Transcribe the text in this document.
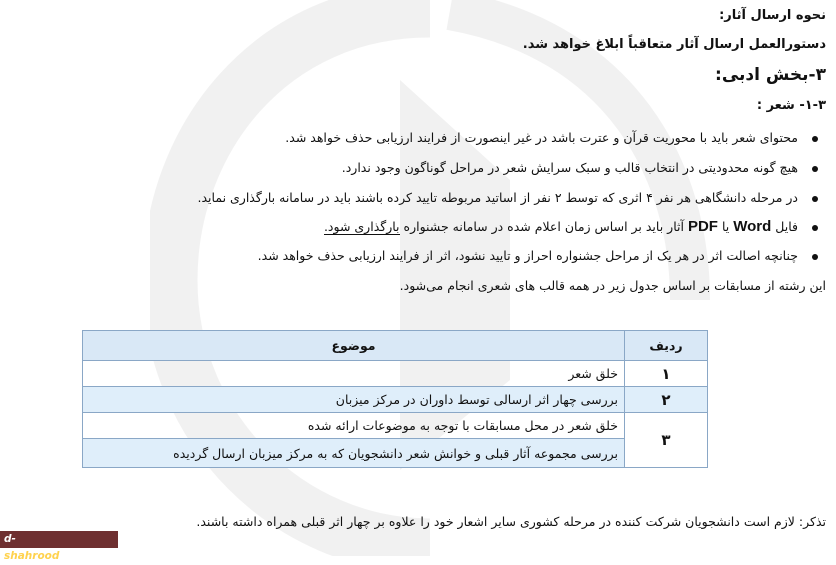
نحوه ارسال آثار:
دستورالعمل ارسال آثار متعاقباً ابلاغ خواهد شد.
۳-بخش ادبی:
۱-۳- شعر :
محتوای شعر باید با محوریت قرآن و عترت باشد در غیر اینصورت از فرایند ارزیابی حذف خواهد شد.
هیچ گونه محدودیتی در انتخاب قالب و سبک سرایش شعر در مراحل گوناگون وجود ندارد.
در مرحله دانشگاهی هر نفر ۴ اثری که توسط ۲ نفر از اساتید مربوطه تایید کرده باشند باید در سامانه بارگذاری نماید.
فایل Word یا PDF آثار باید بر اساس زمان اعلام شده در سامانه جشنواره بارگذاری شود.
چنانچه اصالت اثر در هر یک از مراحل جشنواره احراز و تایید نشود، اثر از فرایند ارزیابی حذف خواهد شد.
این رشته از مسابقات بر اساس جدول زیر در همه قالب های شعری انجام می‌شود.
ردیف	موضوع
۱	خلق شعر
۲	بررسی چهار اثر ارسالی توسط داوران در مرکز میزبان
۳	خلق شعر در محل مسابقات با توجه به موضوعات ارائه شده
	بررسی مجموعه آثار قبلی و خوانش شعر دانشجویان که به مرکز میزبان ارسال گردیده
تذکر: لازم است دانشجویان شرکت کننده در مرحله کشوری سایر اشعار خود را علاوه بر چهار اثر قبلی همراه داشته باشند.
d-shahrood.nus.ac.ir
